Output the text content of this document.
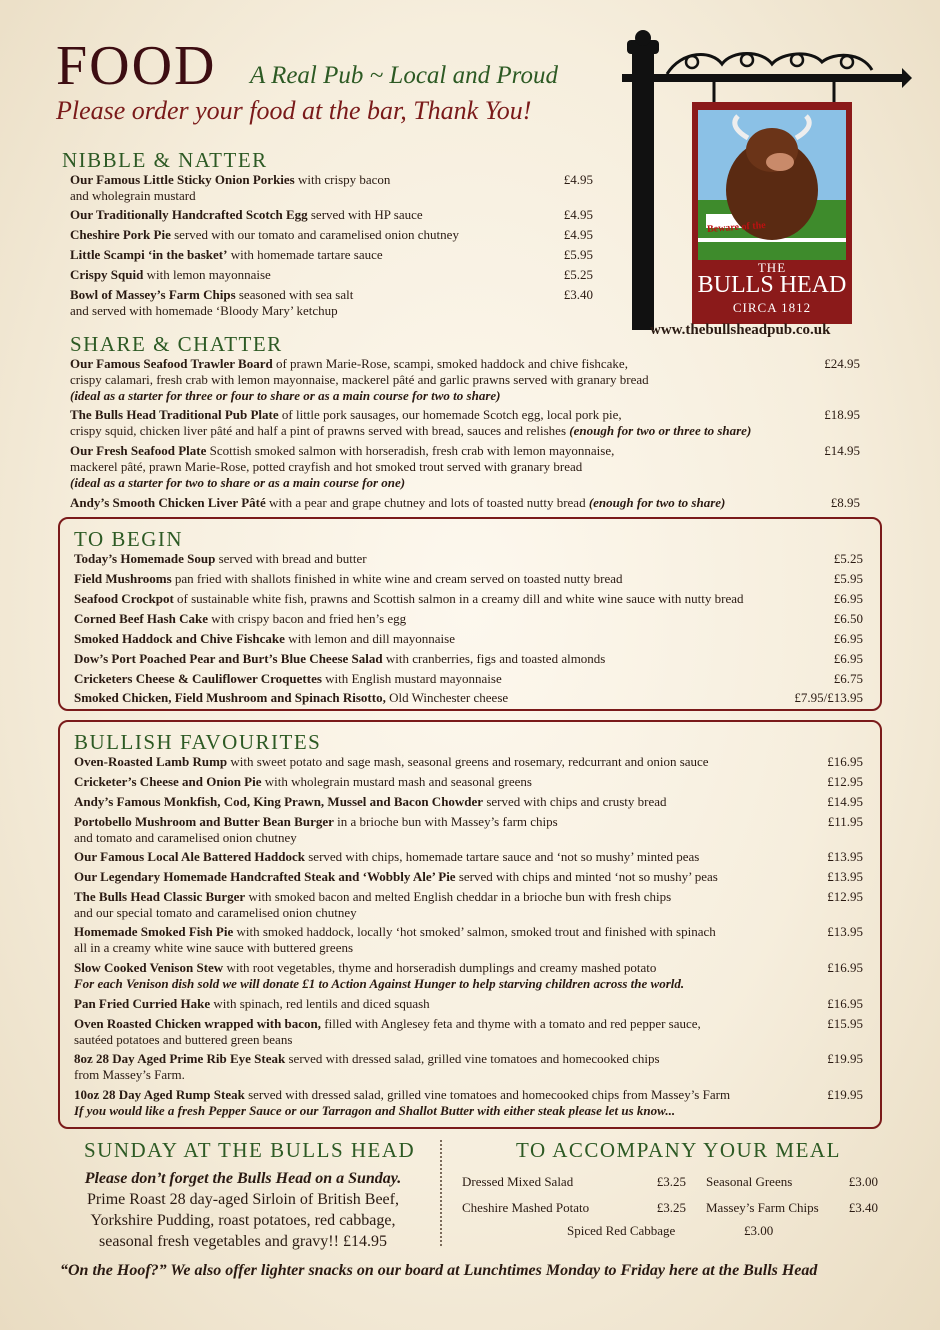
FOOD A Real Pub ~ Local and Proud
Please order your food at the bar, Thank You!
Beware of the
THE
BULLS HEAD
CIRCA 1812
www.thebullsheadpub.co.uk
NIBBLE & NATTER
Our Famous Little Sticky Onion Porkies with crispy bacon
and wholegrain mustard
£4.95
Our Traditionally Handcrafted Scotch Egg served with HP sauce	£4.95
Cheshire Pork Pie served with our tomato and caramelised onion chutney	£4.95
Little Scampi ‘in the basket’ with homemade tartare sauce	£5.95
Crispy Squid with lemon mayonnaise	£5.25
Bowl of Massey’s Farm Chips seasoned with sea salt
and served with homemade ‘Bloody Mary’ ketchup
£3.40
SHARE & CHATTER
Our Famous Seafood Trawler Board of prawn Marie-Rose, scampi, smoked haddock and chive fishcake,
crispy calamari, fresh crab with lemon mayonnaise, mackerel pâté and garlic prawns served with granary bread
(ideal as a starter for three or four to share or as a main course for two to share)
£24.95
The Bulls Head Traditional Pub Plate of little pork sausages, our homemade Scotch egg, local pork pie,
crispy squid, chicken liver pâté and half a pint of prawns served with bread, sauces and relishes (enough for two or three to share)
£18.95
Our Fresh Seafood Plate Scottish smoked salmon with horseradish, fresh crab with lemon mayonnaise,
mackerel pâté, prawn Marie-Rose, potted crayfish and hot smoked trout served with granary bread
(ideal as a starter for two to share or as a main course for one)
£14.95
Andy’s Smooth Chicken Liver Pâté with a pear and grape chutney and lots of toasted nutty bread (enough for two to share)	£8.95
TO BEGIN
Today’s Homemade Soup served with bread and butter	£5.25
Field Mushrooms pan fried with shallots finished in white wine and cream served on toasted nutty bread	£5.95
Seafood Crockpot of sustainable white fish, prawns and Scottish salmon in a creamy dill and white wine sauce with nutty bread	£6.95
Corned Beef Hash Cake with crispy bacon and fried hen’s egg	£6.50
Smoked Haddock and Chive Fishcake with lemon and dill mayonnaise	£6.95
Dow’s Port Poached Pear and Burt’s Blue Cheese Salad with cranberries, figs and toasted almonds	£6.95
Cricketers Cheese & Cauliflower Croquettes with English mustard mayonnaise	£6.75
Smoked Chicken, Field Mushroom and Spinach Risotto, Old Winchester cheese	£7.95/£13.95
BULLISH FAVOURITES
Oven-Roasted Lamb Rump with sweet potato and sage mash, seasonal greens and rosemary, redcurrant and onion sauce	£16.95
Cricketer’s Cheese and Onion Pie with wholegrain mustard mash and seasonal greens	£12.95
Andy’s Famous Monkfish, Cod, King Prawn, Mussel and Bacon Chowder served with chips and crusty bread	£14.95
Portobello Mushroom and Butter Bean Burger in a brioche bun with Massey’s farm chips
and tomato and caramelised onion chutney
£11.95
Our Famous Local Ale Battered Haddock served with chips, homemade tartare sauce and ‘not so mushy’ minted peas	£13.95
Our Legendary Homemade Handcrafted Steak and ‘Wobbly Ale’ Pie served with chips and minted ‘not so mushy’ peas	£13.95
The Bulls Head Classic Burger with smoked bacon and melted English cheddar in a brioche bun with fresh chips
and our special tomato and caramelised onion chutney
£12.95
Homemade Smoked Fish Pie with smoked haddock, locally ‘hot smoked’ salmon, smoked trout and finished with spinach
all in a creamy white wine sauce with buttered greens
£13.95
Slow Cooked Venison Stew with root vegetables, thyme and horseradish dumplings and creamy mashed potato
For each Venison dish sold we will donate £1 to Action Against Hunger to help starving children across the world.
£16.95
Pan Fried Curried Hake with spinach, red lentils and diced squash	£16.95
Oven Roasted Chicken wrapped with bacon, filled with Anglesey feta and thyme with a tomato and red pepper sauce,
sautéed potatoes and buttered green beans
£15.95
8oz 28 Day Aged Prime Rib Eye Steak served with dressed salad, grilled vine tomatoes and homecooked chips
from Massey’s Farm.
£19.95
10oz 28 Day Aged Rump Steak served with dressed salad, grilled vine tomatoes and homecooked chips from Massey’s Farm
If you would like a fresh Pepper Sauce or our Tarragon and Shallot Butter with either steak please let us know...
£19.95
SUNDAY AT THE BULLS HEAD
Please don’t forget the Bulls Head on a Sunday.
Prime Roast 28 day-aged Sirloin of British Beef,
Yorkshire Pudding, roast potatoes, red cabbage,
seasonal fresh vegetables and gravy!! £14.95
TO ACCOMPANY YOUR MEAL
Dressed Mixed Salad	£3.25 Seasonal Greens	£3.00
Cheshire Mashed Potato	£3.25 Massey’s Farm Chips	£3.40
Spiced Red Cabbage	£3.00
“On the Hoof?” We also offer lighter snacks on our board at Lunchtimes Monday to Friday here at the Bulls Head
